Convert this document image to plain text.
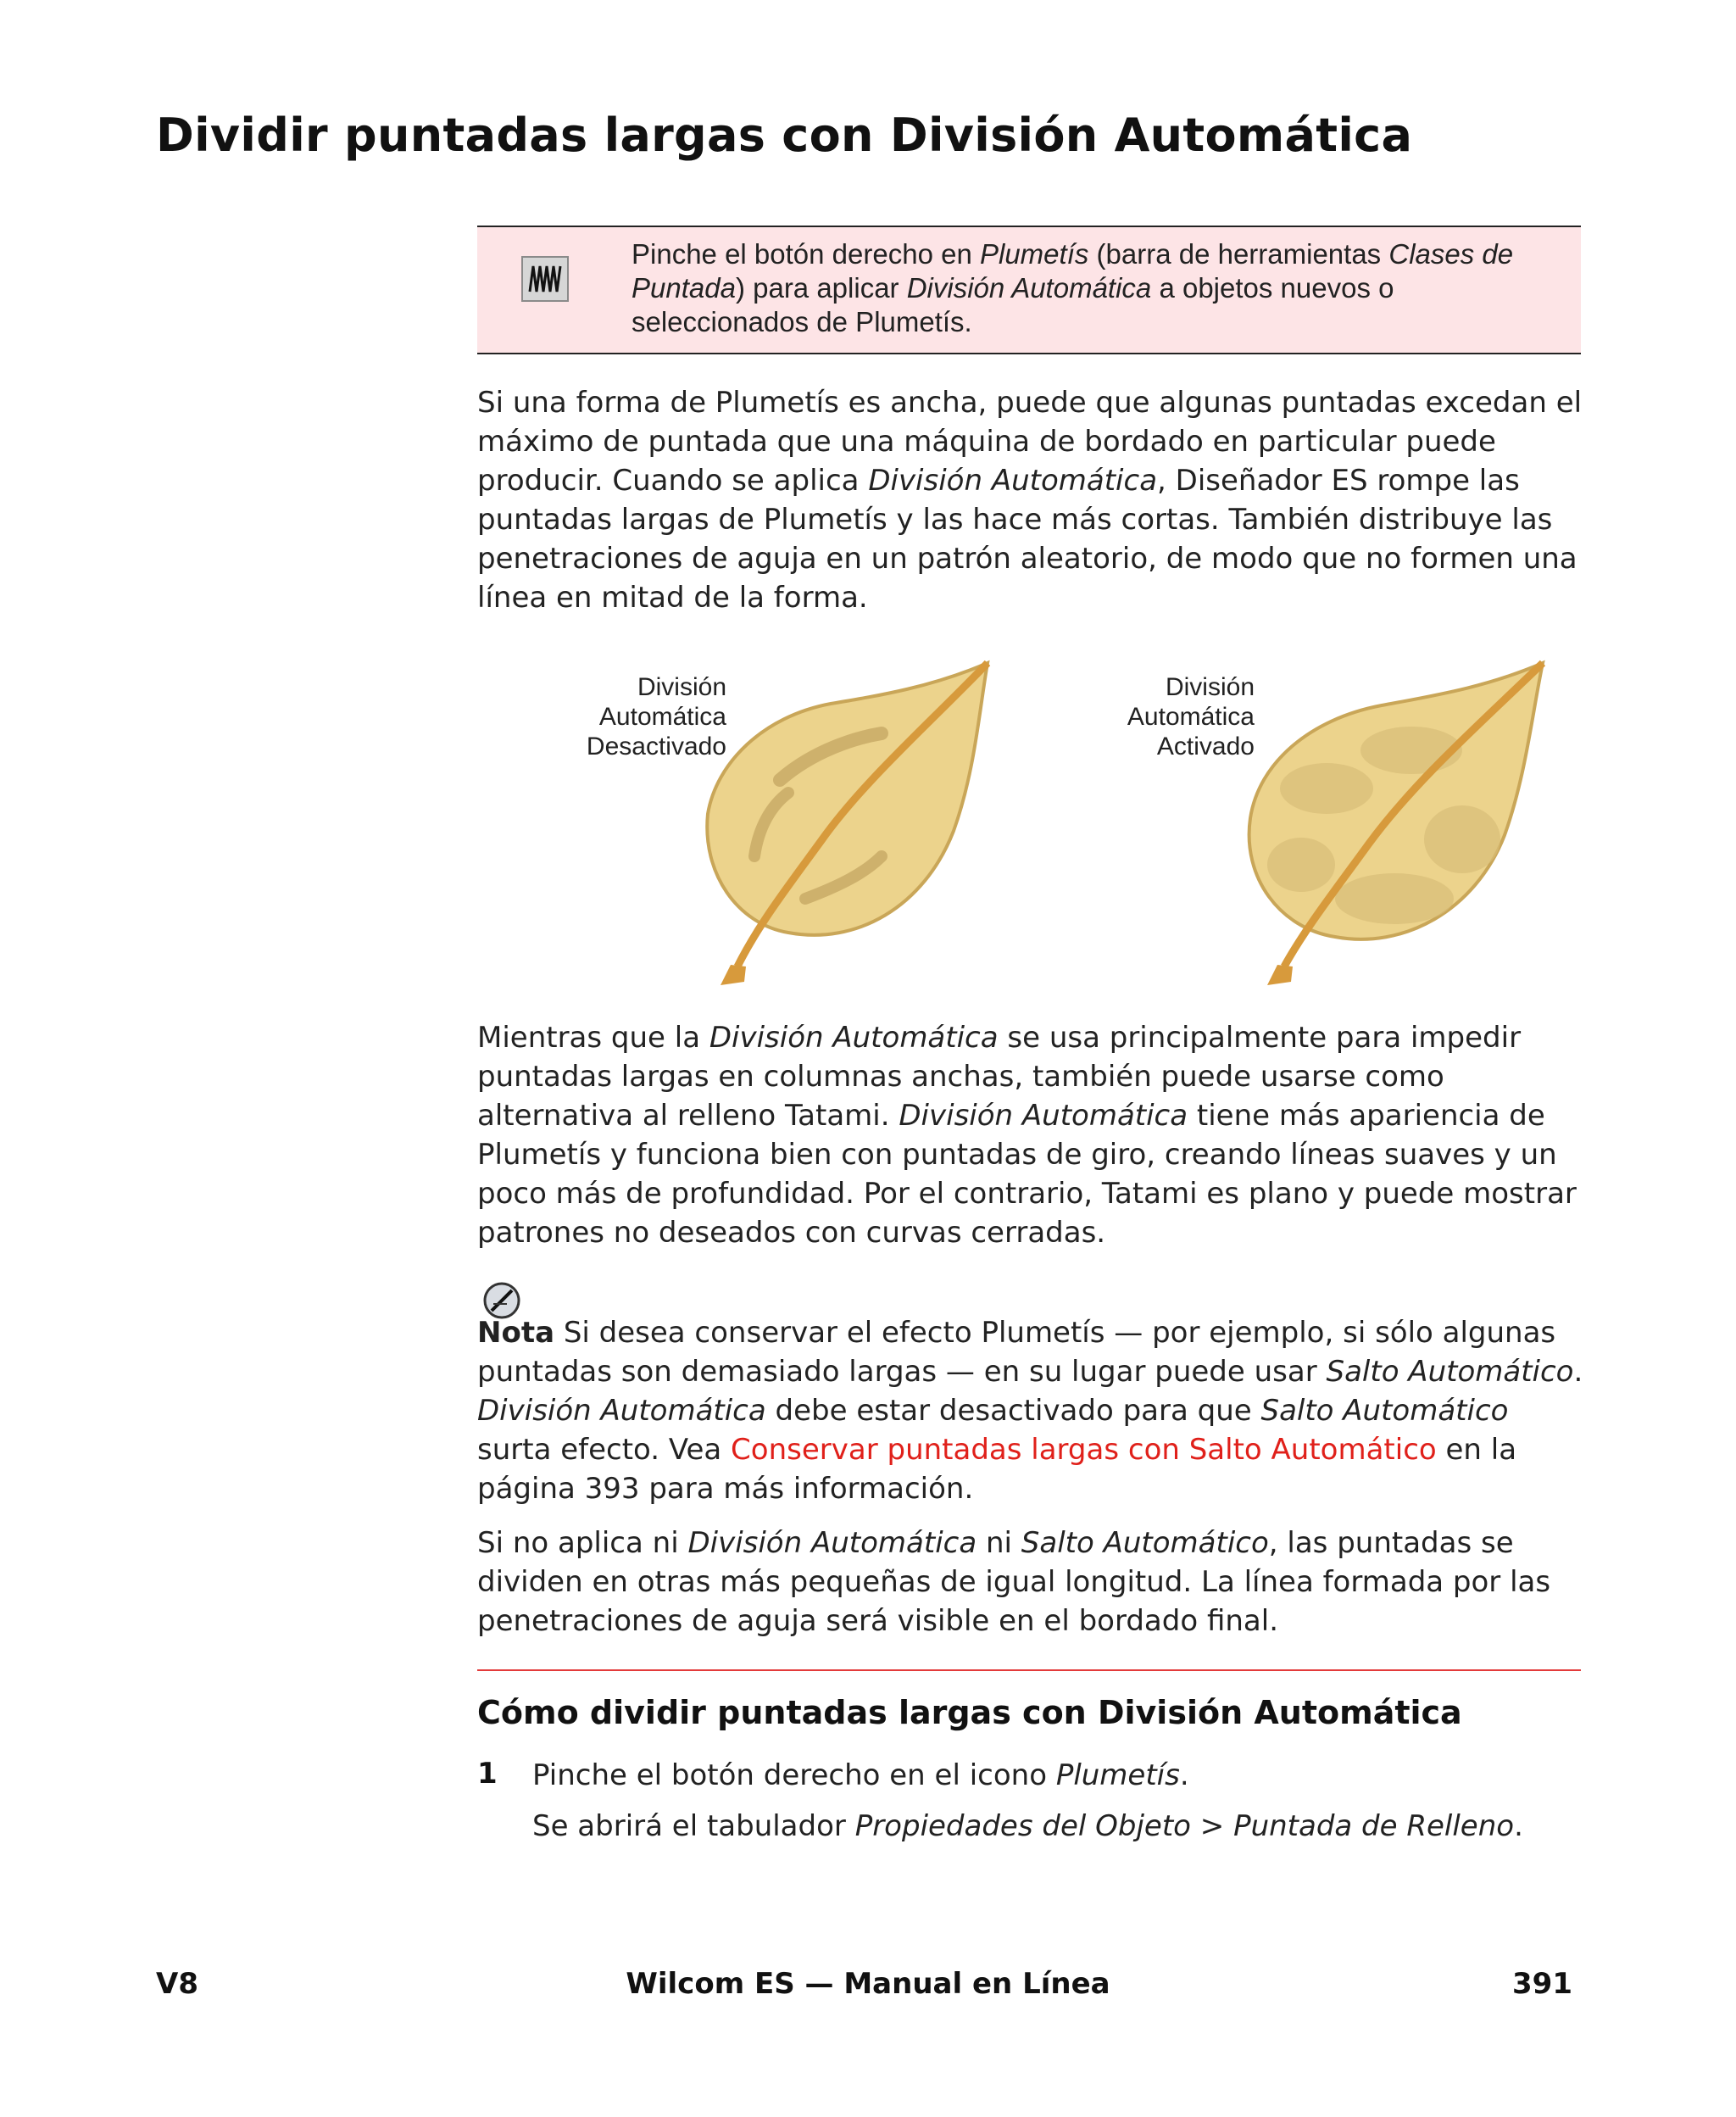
Dividir puntadas largas con División Automática
Pinche el botón derecho en Plumetís (barra de herramientas Clases de Puntada) para aplicar División Automática a objetos nuevos o seleccionados de Plumetís.

Si una forma de Plumetís es ancha, puede que algunas puntadas excedan el máximo de puntada que una máquina de bordado en particular puede producir. Cuando se aplica División Automática, Diseñador ES rompe las puntadas largas de Plumetís y las hace más cortas. También distribuye las penetraciones de aguja en un patrón aleatorio, de modo que no formen una línea en mitad de la forma.

División
Automática
Desactivado
División
Automática
Activado

Mientras que la División Automática se usa principalmente para impedir puntadas largas en columnas anchas, también puede usarse como alternativa al relleno Tatami. División Automática tiene más apariencia de Plumetís y funciona bien con puntadas de giro, creando líneas suaves y un poco más de profundidad. Por el contrario, Tatami es plano y puede mostrar patrones no deseados con curvas cerradas.

Nota Si desea conservar el efecto Plumetís — por ejemplo, si sólo algunas puntadas son demasiado largas — en su lugar puede usar Salto Automático. División Automática debe estar desactivado para que Salto Automático surta efecto. Vea Conservar puntadas largas con Salto Automático en la página 393 para más información.

Si no aplica ni División Automática ni Salto Automático, las puntadas se dividen en otras más pequeñas de igual longitud. La línea formada por las penetraciones de aguja será visible en el bordado final.

Cómo dividir puntadas largas con División Automática
1 Pinche el botón derecho en el icono Plumetís.
Se abrirá el tabulador Propiedades del Objeto > Puntada de Relleno.
V8	Wilcom ES — Manual en Línea	391
